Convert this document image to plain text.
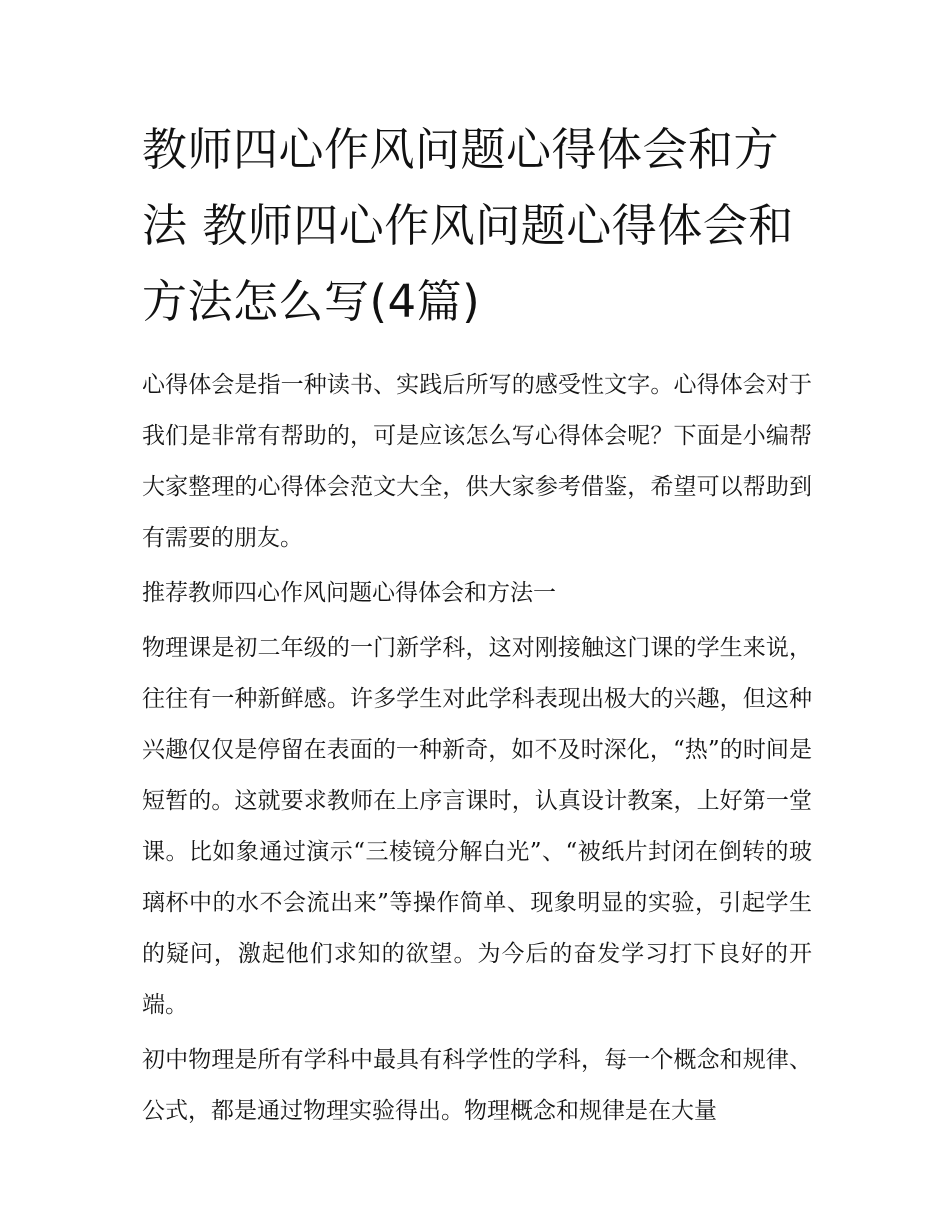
教师四心作风问题心得体会和方法 教师四心作风问题心得体会和方法怎么写(4篇)

心得体会是指一种读书、实践后所写的感受性文字。心得体会对于我们是非常有帮助的，可是应该怎么写心得体会呢？下面是小编帮大家整理的心得体会范文大全，供大家参考借鉴，希望可以帮助到有需要的朋友。

推荐教师四心作风问题心得体会和方法一

物理课是初二年级的一门新学科，这对刚接触这门课的学生来说，往往有一种新鲜感。许多学生对此学科表现出极大的兴趣，但这种兴趣仅仅是停留在表面的一种新奇，如不及时深化，“热”的时间是短暂的。这就要求教师在上序言课时，认真设计教案，上好第一堂课。比如象通过演示“三棱镜分解白光”、“被纸片封闭在倒转的玻璃杯中的水不会流出来”等操作简单、现象明显的实验，引起学生的疑问，激起他们求知的欲望。为今后的奋发学习打下良好的开端。

初中物理是所有学科中最具有科学性的学科，每一个概念和规律、公式，都是通过物理实验得出。物理概念和规律是在大量
